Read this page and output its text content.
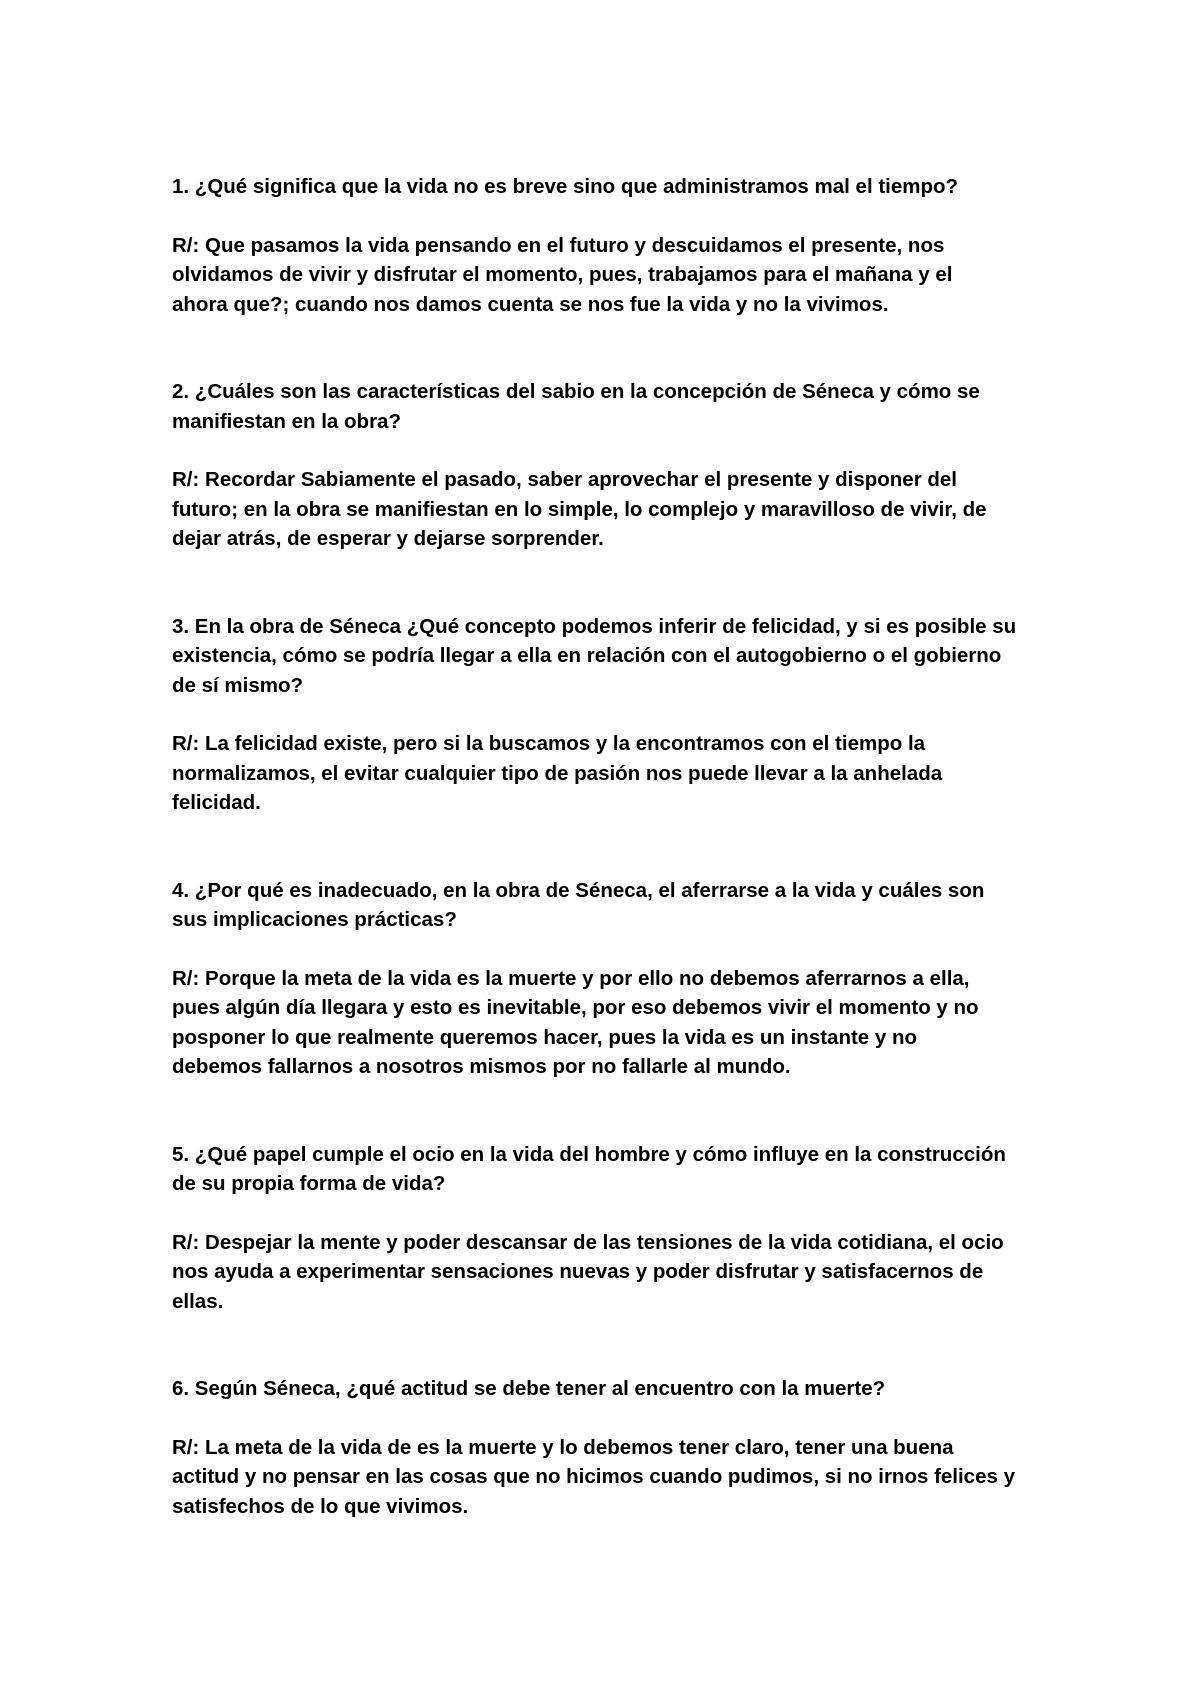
1. ¿Qué significa que la vida no es breve sino que administramos mal el tiempo?

R/: Que pasamos la vida pensando en el futuro y descuidamos el presente, nos
olvidamos de vivir y disfrutar el momento, pues, trabajamos para el mañana y el
ahora que?; cuando nos damos cuenta se nos fue la vida y no la vivimos.

2. ¿Cuáles son las características del sabio en la concepción de Séneca y cómo se
manifiestan en la obra?

R/: Recordar Sabiamente el pasado, saber aprovechar el presente y disponer del
futuro; en la obra se manifiestan en lo simple, lo complejo y maravilloso de vivir, de
dejar atrás, de esperar y dejarse sorprender.

3. En la obra de Séneca ¿Qué concepto podemos inferir de felicidad, y si es posible su
existencia, cómo se podría llegar a ella en relación con el autogobierno o el gobierno
de sí mismo?

R/: La felicidad existe, pero si la buscamos y la encontramos con el tiempo la
normalizamos, el evitar cualquier tipo de pasión nos puede llevar a la anhelada
felicidad.

4. ¿Por qué es inadecuado, en la obra de Séneca, el aferrarse a la vida y cuáles son
sus implicaciones prácticas?

R/: Porque la meta de la vida es la muerte y por ello no debemos aferrarnos a ella,
pues algún día llegara y esto es inevitable, por eso debemos vivir el momento y no
posponer lo que realmente queremos hacer, pues la vida es un instante y no
debemos fallarnos a nosotros mismos por no fallarle al mundo.

5. ¿Qué papel cumple el ocio en la vida del hombre y cómo influye en la construcción
de su propia forma de vida?

R/: Despejar la mente y poder descansar de las tensiones de la vida cotidiana, el ocio
nos ayuda a experimentar sensaciones nuevas y poder disfrutar y satisfacernos de
ellas.

6. Según Séneca, ¿qué actitud se debe tener al encuentro con la muerte?

R/: La meta de la vida de es la muerte y lo debemos tener claro, tener una buena
actitud y no pensar en las cosas que no hicimos cuando pudimos, si no irnos felices y
satisfechos de lo que vivimos.
